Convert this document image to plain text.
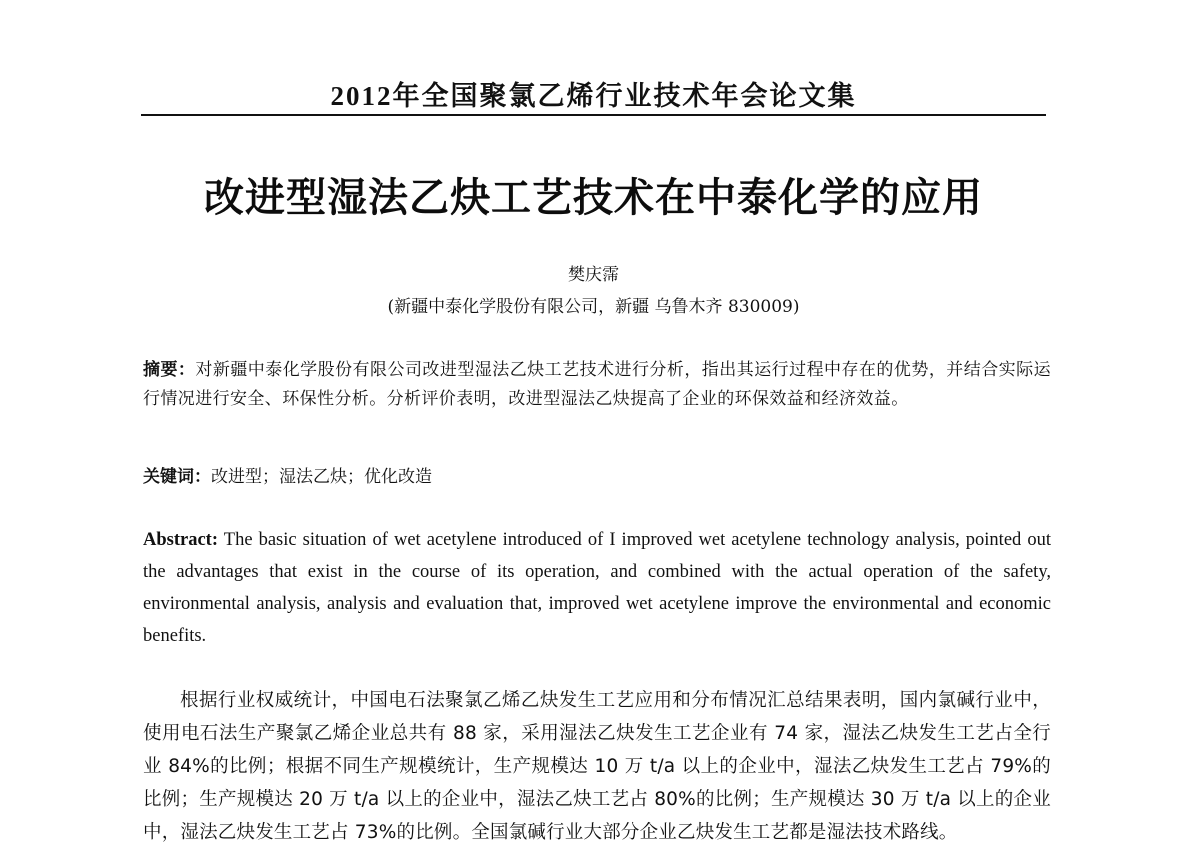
2012年全国聚氯乙烯行业技术年会论文集
改进型湿法乙炔工艺技术在中泰化学的应用
樊庆霈
(新疆中泰化学股份有限公司，新疆 乌鲁木齐 830009)
摘要：对新疆中泰化学股份有限公司改进型湿法乙炔工艺技术进行分析，指出其运行过程中存在的优势，并结合实际运行情况进行安全、环保性分析。分析评价表明，改进型湿法乙炔提高了企业的环保效益和经济效益。
关键词：改进型；湿法乙炔；优化改造
Abstract: The basic situation of wet acetylene introduced of I improved wet acetylene technology analysis, pointed out the advantages that exist in the course of its operation, and combined with the actual operation of the safety, environmental analysis, analysis and evaluation that, improved wet acetylene improve the environmental and economic benefits.

根据行业权威统计，中国电石法聚氯乙烯乙炔发生工艺应用和分布情况汇总结果表明，国内氯碱行业中，使用电石法生产聚氯乙烯企业总共有 88 家，采用湿法乙炔发生工艺企业有 74 家，湿法乙炔发生工艺占全行业 84%的比例；根据不同生产规模统计，生产规模达 10 万 t/a 以上的企业中，湿法乙炔发生工艺占 79%的比例；生产规模达 20 万 t/a 以上的企业中，湿法乙炔工艺占 80%的比例；生产规模达 30 万 t/a 以上的企业中，湿法乙炔发生工艺占 73%的比例。全国氯碱行业大部分企业乙炔发生工艺都是湿法技术路线。
